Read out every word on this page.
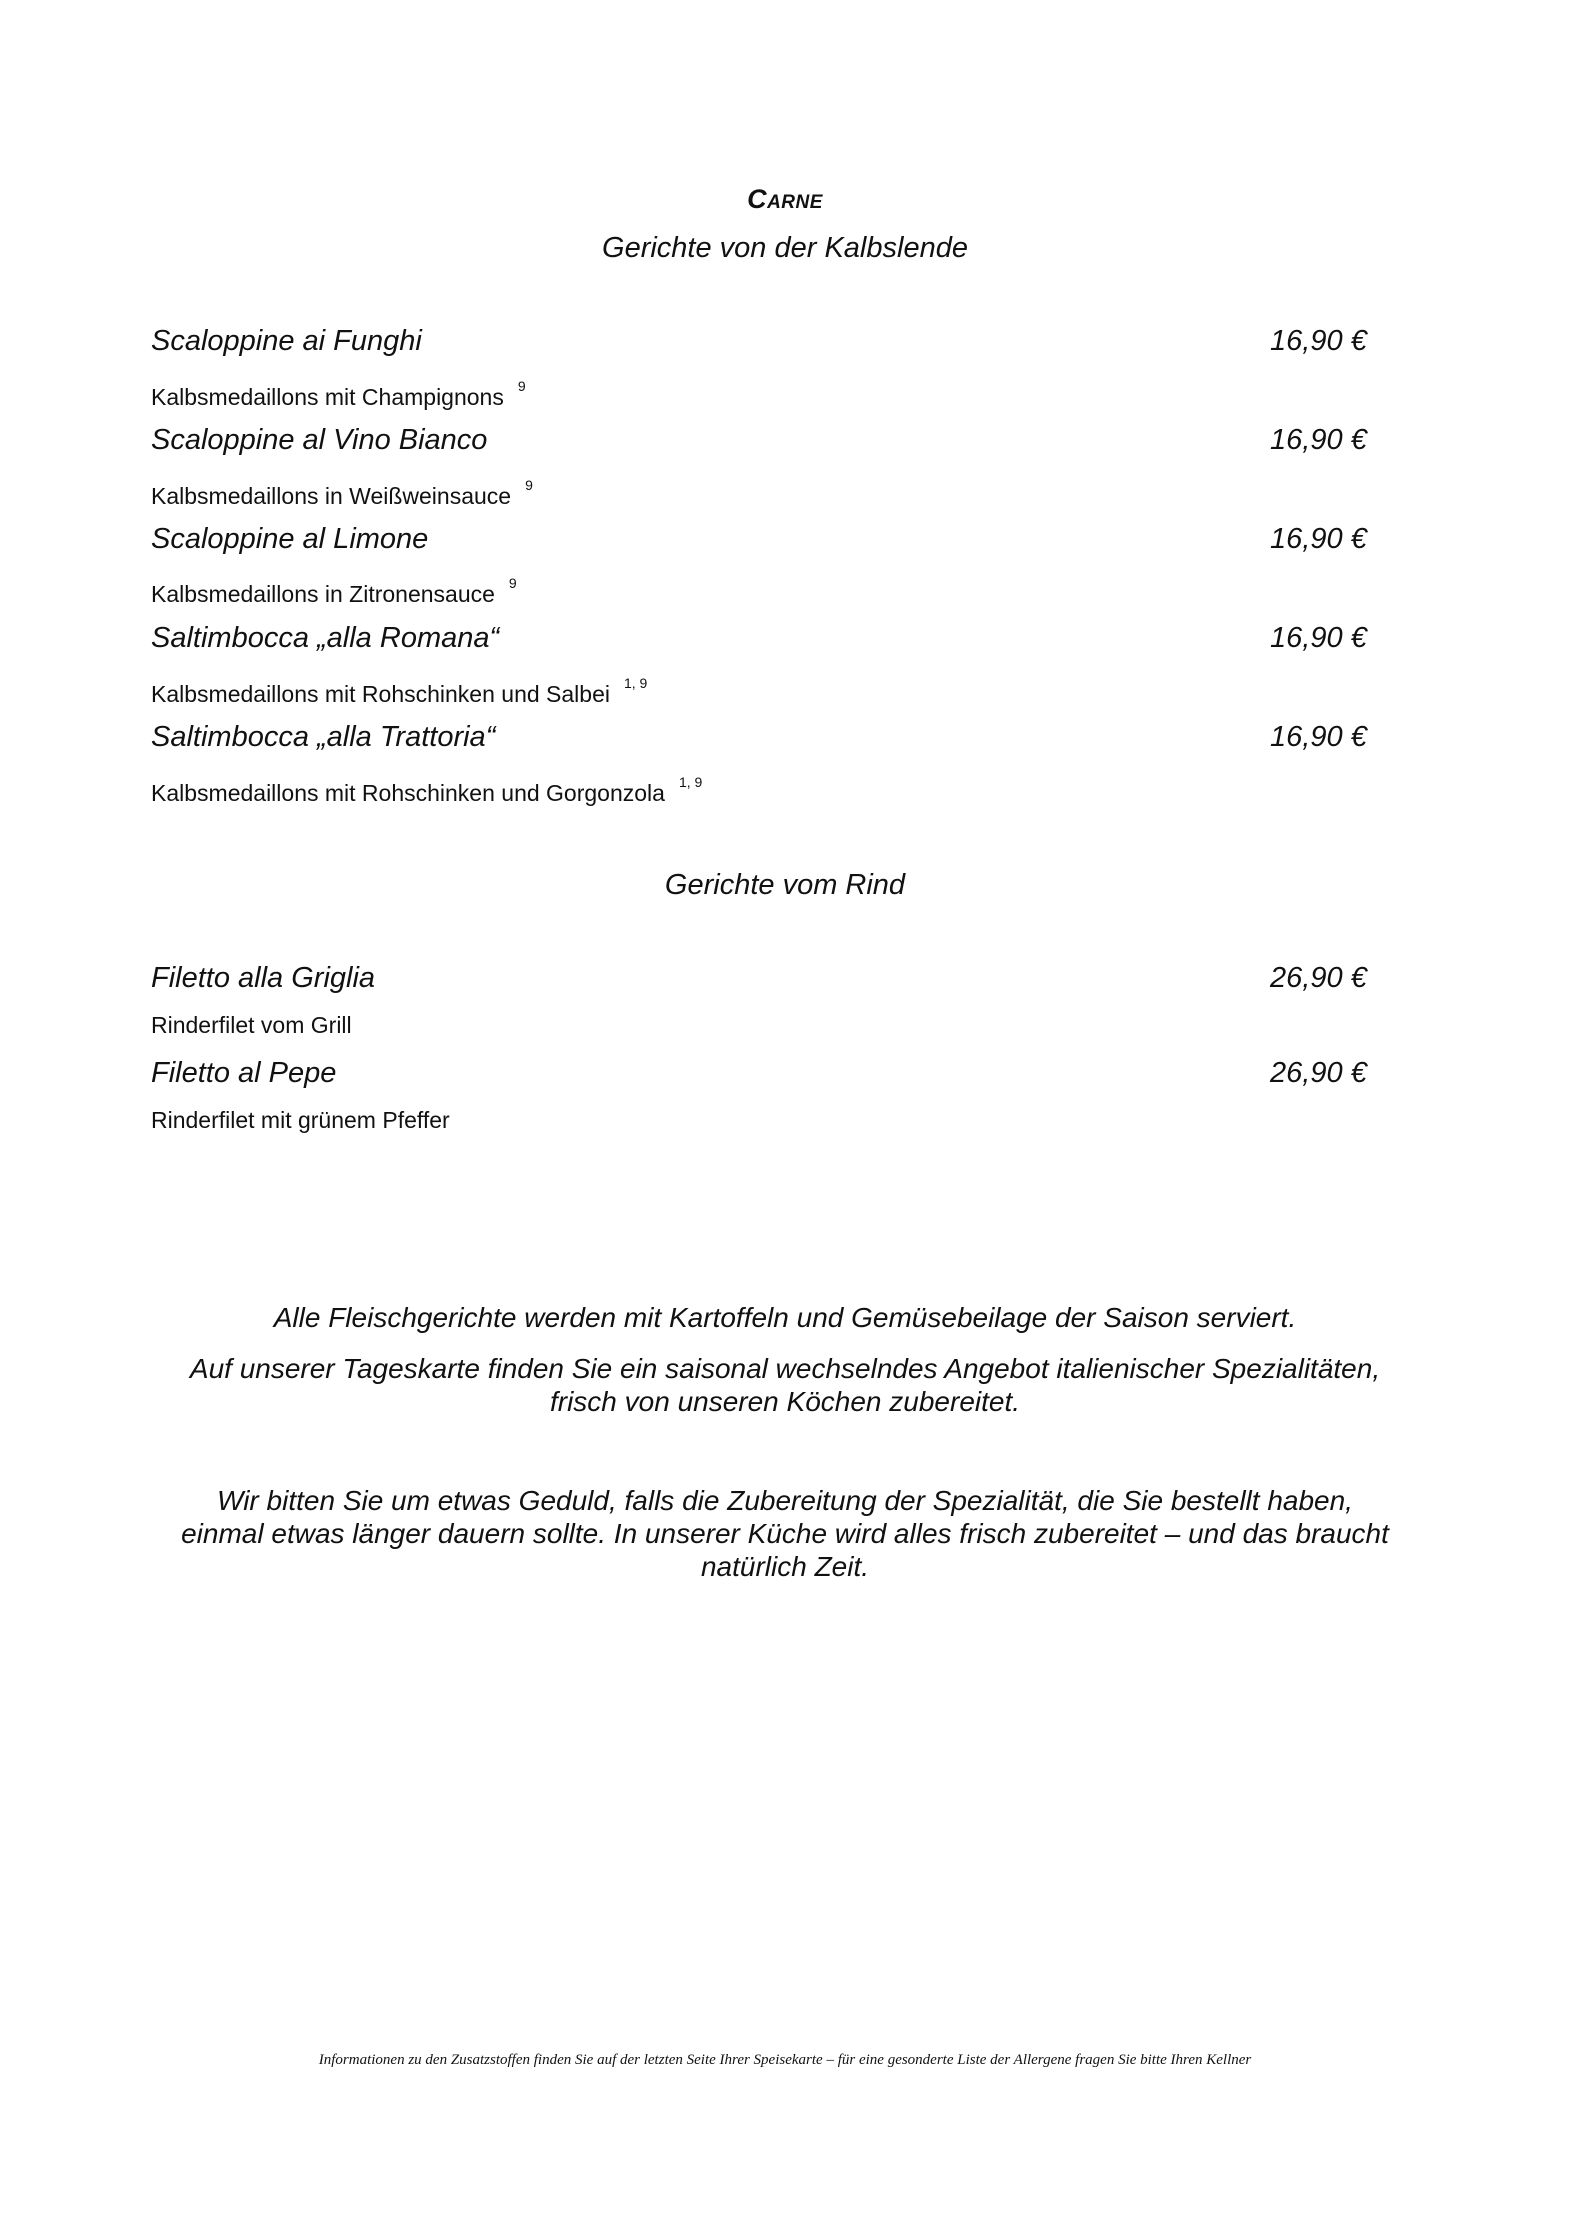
Carne
Gerichte von der Kalbslende
Scaloppine ai Funghi	16,90 €
Kalbsmedaillons mit Champignons $^9$
Scaloppine al Vino Bianco	16,90 €
Kalbsmedaillons in Weißweinsauce $^9$
Scaloppine al Limone	16,90 €
Kalbsmedaillons in Zitronensauce $^9$
Saltimbocca „alla Romana“	16,90 €
Kalbsmedaillons mit Rohschinken und Salbei $^{1, 9}$
Saltimbocca „alla Trattoria“	16,90 €
Kalbsmedaillons mit Rohschinken und Gorgonzola $^{1, 9}$
Gerichte vom Rind
Filetto alla Griglia	26,90 €
Rinderfilet vom Grill
Filetto al Pepe	26,90 €
Rinderfilet mit grünem Pfeffer
Alle Fleischgerichte werden mit Kartoffeln und Gemüsebeilage der Saison serviert.
Auf unserer Tageskarte finden Sie ein saisonal wechselndes Angebot italienischer Spezialitäten,
frisch von unseren Köchen zubereitet.
Wir bitten Sie um etwas Geduld, falls die Zubereitung der Spezialität, die Sie bestellt haben,
einmal etwas länger dauern sollte. In unserer Küche wird alles frisch zubereitet – und das braucht
natürlich Zeit.
Informationen zu den Zusatzstoffen finden Sie auf der letzten Seite Ihrer Speisekarte – für eine gesonderte Liste der Allergene fragen Sie bitte Ihren Kellner
